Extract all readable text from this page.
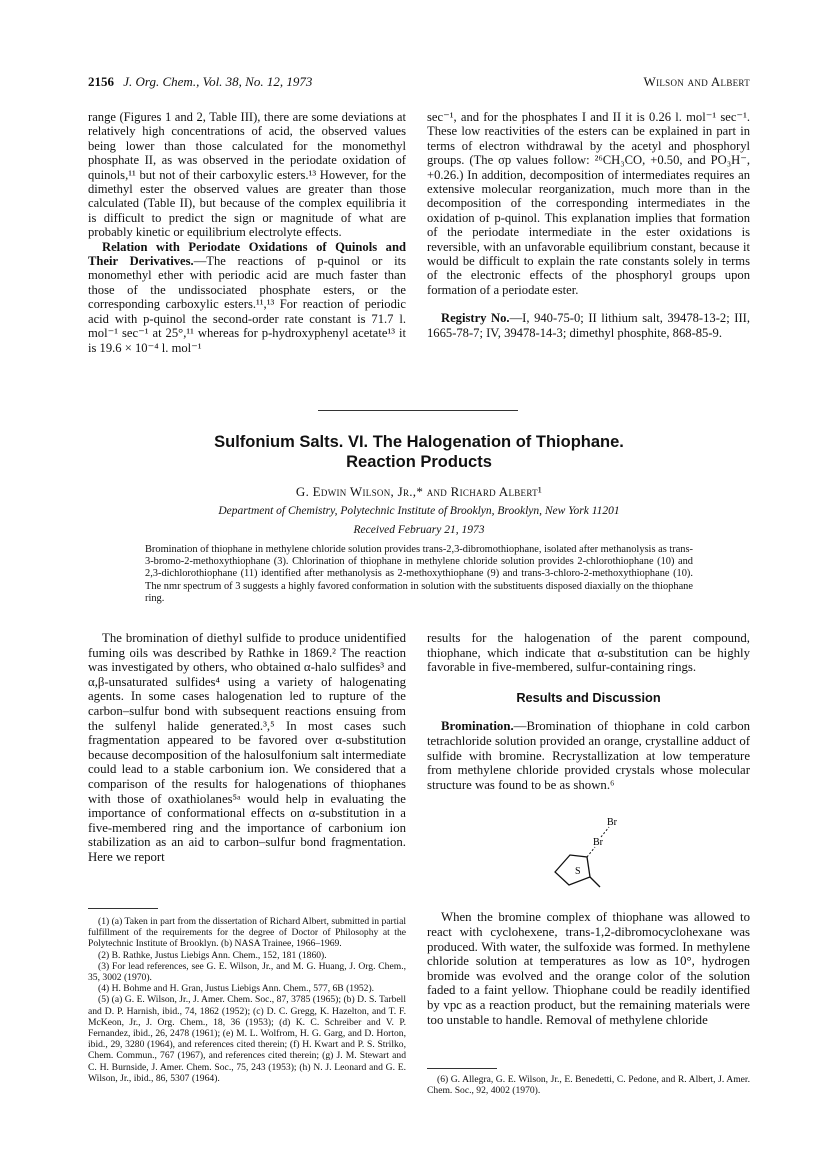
2156 J. Org. Chem., Vol. 38, No. 12, 1973	Wilson and Albert

range (Figures 1 and 2, Table III), there are some deviations at relatively high concentrations of acid, the observed values being lower than those calculated for the monomethyl phosphate II, as was observed in the periodate oxidation of quinols,¹¹ but not of their carboxylic esters.¹³ However, for the dimethyl ester the observed values are greater than those calculated (Table II), but because of the complex equilibria it is difficult to predict the sign or magnitude of what are probably kinetic or equilibrium electrolyte effects.

Relation with Periodate Oxidations of Quinols and Their Derivatives.—The reactions of p-quinol or its monomethyl ether with periodic acid are much faster than those of the undissociated phosphate esters, or the corresponding carboxylic esters.¹¹,¹³ For reaction of periodic acid with p-quinol the second-order rate constant is 71.7 l. mol⁻¹ sec⁻¹ at 25°,¹¹ whereas for p-hydroxyphenyl acetate¹³ it is 19.6 × 10⁻⁴ l. mol⁻¹

sec⁻¹, and for the phosphates I and II it is 0.26 l. mol⁻¹ sec⁻¹. These low reactivities of the esters can be explained in part in terms of electron withdrawal by the acetyl and phosphoryl groups. (The σp values follow: ²⁶CH₃CO, +0.50, and PO₃H⁻, +0.26.) In addition, decomposition of intermediates requires an extensive molecular reorganization, much more than in the decomposition of the corresponding intermediates in the oxidation of p-quinol. This explanation implies that formation of the periodate intermediate in the ester oxidations is reversible, with an unfavorable equilibrium constant, because it would be difficult to explain the rate constants solely in terms of the electronic effects of the phosphoryl groups upon formation of a periodate ester.

Registry No.—I, 940-75-0; II lithium salt, 39478-13-2; III, 1665-78-7; IV, 39478-14-3; dimethyl phosphite, 868-85-9.

Sulfonium Salts. VI. The Halogenation of Thiophane.
Reaction Products
G. Edwin Wilson, Jr.,* and Richard Albert¹
Department of Chemistry, Polytechnic Institute of Brooklyn, Brooklyn, New York 11201
Received February 21, 1973
Bromination of thiophane in methylene chloride solution provides trans-2,3-dibromothiophane, isolated after methanolysis as trans-3-bromo-2-methoxythiophane (3). Chlorination of thiophane in methylene chloride solution provides 2-chlorothiophane (10) and 2,3-dichlorothiophane (11) identified after methanolysis as 2-methoxythiophane (9) and trans-3-chloro-2-methoxythiophane (10). The nmr spectrum of 3 suggests a highly favored conformation in solution with the substituents disposed diaxially on the thiophane ring.

The bromination of diethyl sulfide to produce unidentified fuming oils was described by Rathke in 1869.² The reaction was investigated by others, who obtained α-halo sulfides³ and α,β-unsaturated sulfides⁴ using a variety of halogenating agents. In some cases halogenation led to rupture of the carbon–sulfur bond with subsequent reactions ensuing from the sulfenyl halide generated.³,⁵ In most cases such fragmentation appeared to be favored over α-substitution because decomposition of the halosulfonium salt intermediate could lead to a stable carbonium ion. We considered that a comparison of the results for halogenations of thiophanes with those of oxathiolanes⁵ᵃ would help in evaluating the importance of conformational effects on α-substitution in a five-membered ring and the importance of carbonium ion stabilization as an aid to carbon–sulfur bond fragmentation. Here we report

(1) (a) Taken in part from the dissertation of Richard Albert, submitted in partial fulfillment of the requirements for the degree of Doctor of Philosophy at the Polytechnic Institute of Brooklyn. (b) NASA Trainee, 1966–1969.

(2) B. Rathke, Justus Liebigs Ann. Chem., 152, 181 (1860).

(3) For lead references, see G. E. Wilson, Jr., and M. G. Huang, J. Org. Chem., 35, 3002 (1970).

(4) H. Bohme and H. Gran, Justus Liebigs Ann. Chem., 577, 6B (1952).

(5) (a) G. E. Wilson, Jr., J. Amer. Chem. Soc., 87, 3785 (1965); (b) D. S. Tarbell and D. P. Harnish, ibid., 74, 1862 (1952); (c) D. C. Gregg, K. Hazelton, and T. F. McKeon, Jr., J. Org. Chem., 18, 36 (1953); (d) K. C. Schreiber and V. P. Fernandez, ibid., 26, 2478 (1961); (e) M. L. Wolfrom, H. G. Garg, and D. Horton, ibid., 29, 3280 (1964), and references cited therein; (f) H. Kwart and P. S. Strilko, Chem. Commun., 767 (1967), and references cited therein; (g) J. M. Stewart and C. H. Burnside, J. Amer. Chem. Soc., 75, 243 (1953); (h) N. J. Leonard and G. E. Wilson, Jr., ibid., 86, 5307 (1964).

results for the halogenation of the parent compound, thiophane, which indicate that α-substitution can be highly favorable in five-membered, sulfur-containing rings.

Results and Discussion

Bromination.—Bromination of thiophane in cold carbon tetrachloride solution provided an orange, crystalline adduct of sulfide with bromine. Recrystallization at low temperature from methylene chloride provided crystals whose molecular structure was found to be as shown.⁶

When the bromine complex of thiophane was allowed to react with cyclohexene, trans-1,2-dibromocyclohexane was produced. With water, the sulfoxide was formed. In methylene chloride solution at temperatures as low as 10°, hydrogen bromide was evolved and the orange color of the solution faded to a faint yellow. Thiophane could be readily identified by vpc as a reaction product, but the remaining materials were too unstable to handle. Removal of methylene chloride

Br
Br
S

(6) G. Allegra, G. E. Wilson, Jr., E. Benedetti, C. Pedone, and R. Albert, J. Amer. Chem. Soc., 92, 4002 (1970).
